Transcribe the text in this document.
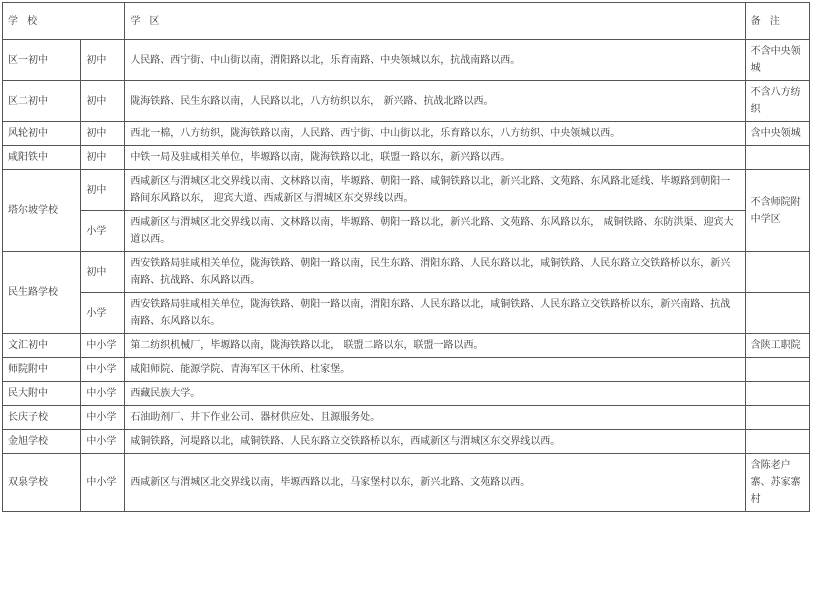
学 校		学 区	备 注
区一初中	初中	人民路、西宁街、中山街以南，渭阳路以北，乐育南路、中央领城以东，抗战南路以西。	不含中央领城
区二初中	初中	陇海铁路、民生东路以南，人民路以北，八方纺织以东， 新兴路、抗战北路以西。	不含八方纺织
风轮初中	初中	西北一棉，八方纺织，陇海铁路以南，人民路、西宁街、中山街以北，乐育路以东，八方纺织、中央领城以西。	含中央领城
咸阳铁中	初中	中铁一局及驻咸相关单位，毕塬路以南，陇海铁路以北，联盟一路以东，新兴路以西。	
塔尔坡学校	初中	西咸新区与渭城区北交界线以南、文林路以南，毕塬路、朝阳一路、咸铜铁路以北，新兴北路、文苑路、东风路北延线、毕塬路到朝阳一路间东风路以东， 迎宾大道、西咸新区与渭城区东交界线以西。	不含师院附中学区
	小学	西咸新区与渭城区北交界线以南、文林路以南，毕塬路、朝阳一路以北，新兴北路、文苑路、东风路以东， 咸铜铁路、东防洪渠、迎宾大道以西。	
民生路学校	初中	西安铁路局驻咸相关单位，陇海铁路、朝阳一路以南，民生东路、渭阳东路、人民东路以北，咸铜铁路、人民东路立交铁路桥以东，新兴南路、抗战路、东风路以西。	
	小学	西安铁路局驻咸相关单位，陇海铁路、朝阳一路以南，渭阳东路、人民东路以北，咸铜铁路、人民东路立交铁路桥以东，新兴南路、抗战南路、东风路以东。	
文汇初中	中小学	第二纺织机械厂，毕塬路以南，陇海铁路以北， 联盟二路以东，联盟一路以西。	含陕工职院
师院附中	中小学	咸阳师院、能源学院、青海军区干休所、杜家堡。	
民大附中	中小学	西藏民族大学。	
长庆子校	中小学	石油助剂厂、井下作业公司、器材供应处、且源服务处。	
金旭学校	中小学	咸铜铁路，河堤路以北，咸铜铁路、人民东路立交铁路桥以东，西咸新区与渭城区东交界线以西。	
双泉学校	中小学	西咸新区与渭城区北交界线以南，毕塬西路以北，马家堡村以东，新兴北路、文苑路以西。	含陈老户寨、苏家寨村
